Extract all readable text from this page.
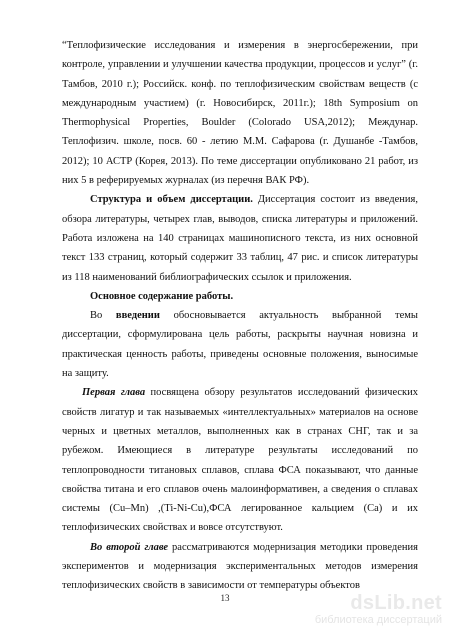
“Теплофизические исследования и измерения в энергосбережении, при контроле, управлении и улучшении качества продукции, процессов и услуг” (г. Тамбов, 2010 г.); Российск. конф. по теплофизическим свойствам веществ (с международным участием) (г. Новосибирск, 2011г.); 18th Symposium on Thermophysical Properties, Boulder (Colorado USA,2012); Междунар. Теплофизич. школе, посв. 60 - летию М.М. Сафарова (г. Душанбе -Тамбов, 2012); 10 АСТР (Корея, 2013). По теме диссертации опубликовано 21 работ, из них 5 в реферируемых журналах (из перечня ВАК РФ).

Структура и объем диссертации. Диссертация состоит из введения, обзора литературы, четырех глав, выводов, списка литературы и приложений. Работа изложена на 140 страницах машинописного текста, из них основной текст 133 страниц, который содержит 33 таблиц, 47 рис. и список литературы из 118 наименований библиографических ссылок и приложения.

Основное содержание работы.

Во введении обосновывается актуальность выбранной темы диссертации, сформулирована цель работы, раскрыты научная новизна и практическая ценность работы, приведены основные положения, выносимые на защиту.

Первая глава посвящена обзору результатов исследований физических свойств лигатур и так называемых «интеллектуальных» материалов на основе черных и цветных металлов, выполненных как в странах СНГ, так и за рубежом. Имеющиеся в литературе результаты исследований по теплопроводности титановых сплавов, сплава ФСА показывают, что данные свойства титана и его сплавов очень малоинформативен, а сведения о сплавах системы (Cu–Mn) ,(Ti-Ni-Cu),ФСА легированное кальцием (Са) и их теплофизических свойствах и вовсе отсутствуют.

Во второй главе рассматриваются модернизация методики проведения экспериментов и модернизация экспериментальных методов измерения теплофизических свойств в зависимости от температуры объектов

13	dsLib.net
библиотека диссертаций
